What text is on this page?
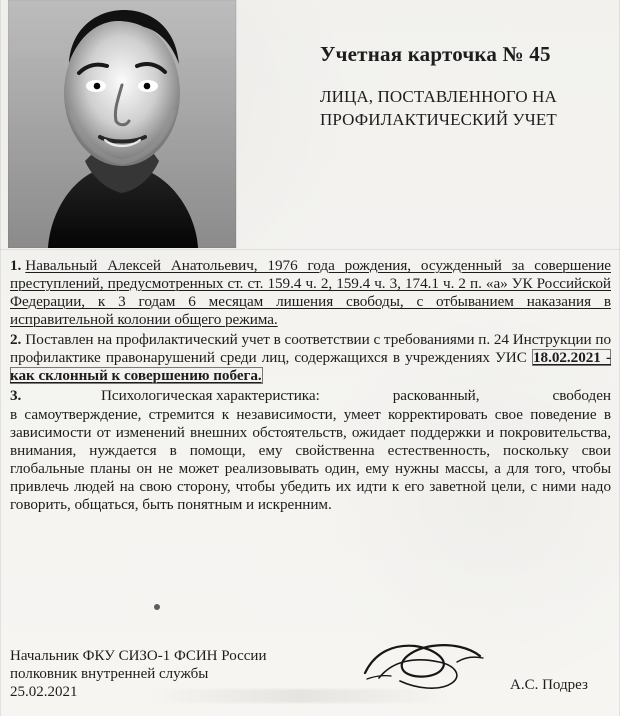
Учетная карточка № 45
ЛИЦА, ПОСТАВЛЕННОГО НА ПРОФИЛАКТИЧЕСКИЙ УЧЕТ
1. Навальный Алексей Анатольевич, 1976 года рождения, осужденный за совершение преступлений, предусмотренных ст. ст. 159.4 ч. 2, 159.4 ч. 3, 174.1 ч. 2 п. «а» УК Российской Федерации, к 3 годам 6 месяцам лишения свободы, с отбыванием наказания в исправительной колонии общего режима.
2. Поставлен на профилактический учет в соответствии с требованиями п. 24 Инструкции по профилактике правонарушений среди лиц, содержащихся в учреждениях УИС 18.02.2021 - как склонный к совершению побега.
3.	Психологическая характеристика:	раскованный,	свободен
в самоутверждение, стремится к независимости, умеет корректировать свое поведение в зависимости от изменений внешних обстоятельств, ожидает поддержки и покровительства, внимания, нуждается в помощи, ему свойственна естественность, поскольку свои глобальные планы он не может реализовывать один, ему нужны массы, а для того, чтобы привлечь людей на свою сторону, чтобы убедить их идти к его заветной цели, с ними надо говорить, общаться, быть понятным и искренним.
Начальник ФКУ СИЗО-1 ФСИН России
полковник внутренней службы
25.02.2021	А.С. Подрез
